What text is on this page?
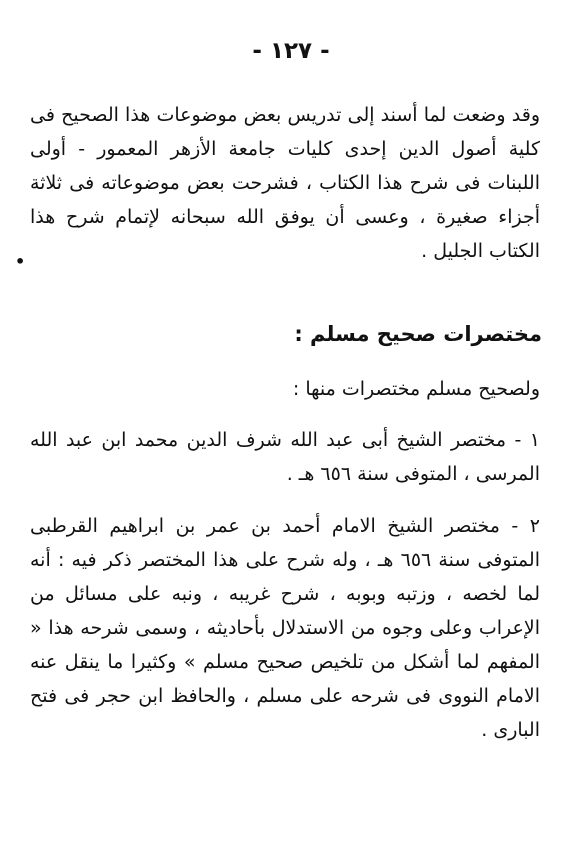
- ١٢٧ -

وقد وضعت لما أسند إلى تدريس بعض موضوعات هذا الصحيح فى كلية أصول الدين إحدى كليات جامعة الأزهر المعمور - أولى اللبنات فى شرح هذا الكتاب ، فشرحت بعض موضوعاته فى ثلاثة أجزاء صغيرة ، وعسى أن يوفق الله سبحانه لإتمام شرح هذا الكتاب الجليل .

•
مختصرات صحيح مسلم :

ولصحيح مسلم مختصرات منها :

١ - مختصر الشيخ أبى عبد الله شرف الدين محمد ابن عبد الله المرسى ، المتوفى سنة ٦٥٦ هـ .

٢ - مختصر الشيخ الامام أحمد بن عمر بن ابراهيم القرطبى المتوفى سنة ٦٥٦ هـ ، وله شرح على هذا المختصر ذكر فيه : أنه لما لخصه ، وزتبه وبوبه ، شرح غريبه ، ونبه على مسائل من الإعراب وعلى وجوه من الاستدلال بأحاديثه ، وسمى شرحه هذا « المفهم لما أشكل من تلخيص صحيح مسلم » وكثيرا ما ينقل عنه الامام النووى فى شرحه على مسلم ، والحافظ ابن حجر فى فتح البارى .
